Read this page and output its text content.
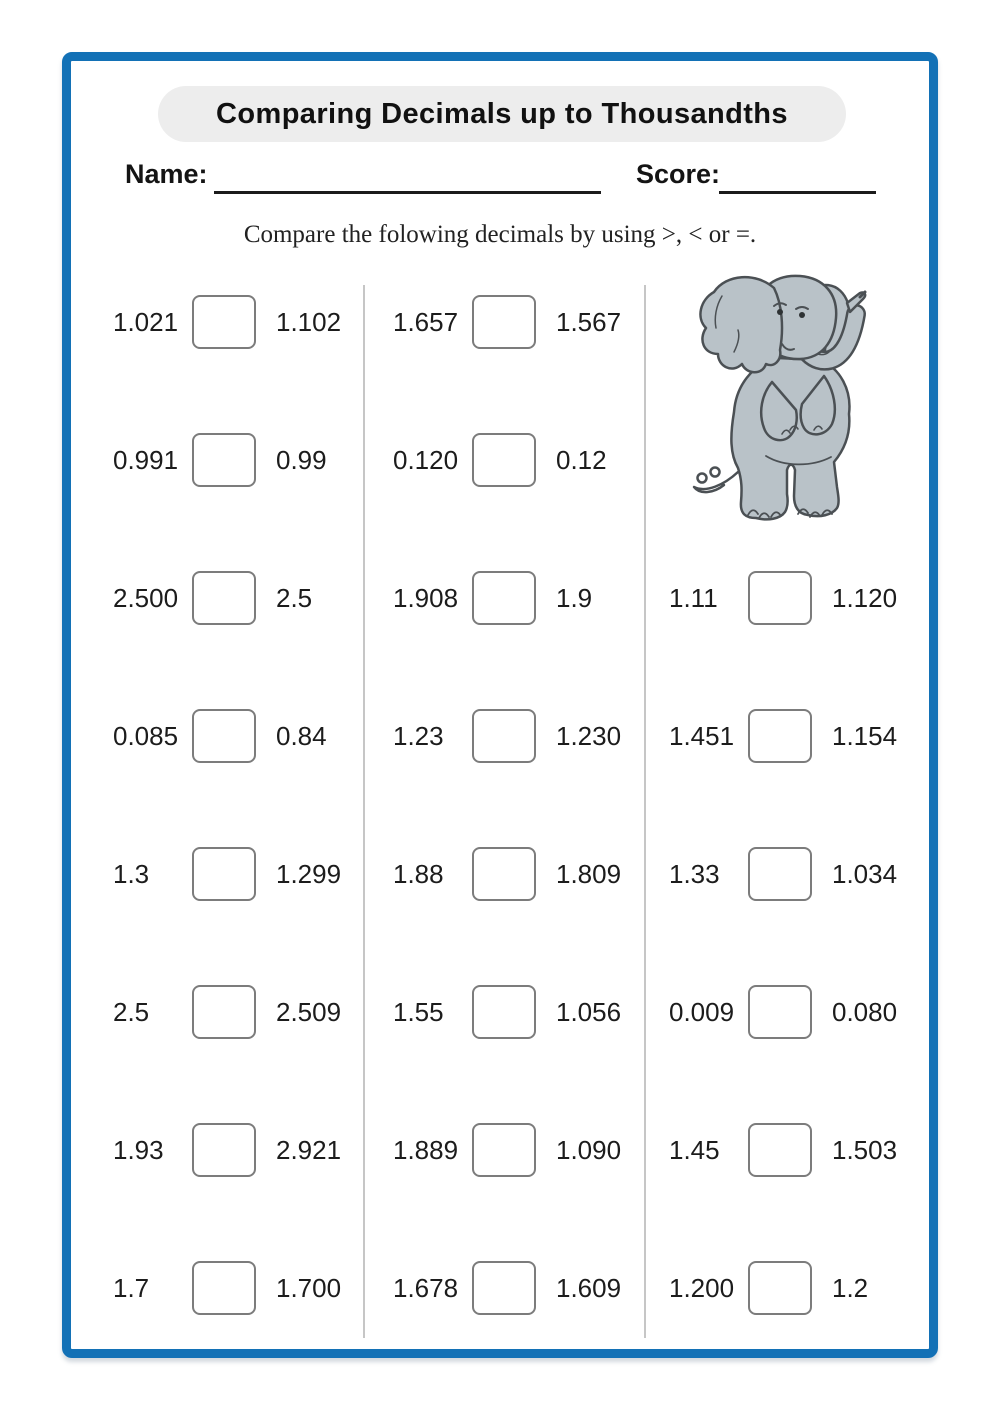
Comparing Decimals up to Thousandths
Name:	Score:
Compare the folowing decimals by using >, < or =.
1.021	1.102
0.991	0.99
2.500	2.5
0.085	0.84
1.3	1.299
2.5	2.509
1.93	2.921
1.7	1.700
1.657	1.567
0.120	0.12
1.908	1.9
1.23	1.230
1.88	1.809
1.55	1.056
1.889	1.090
1.678	1.609
1.11	1.120
1.451	1.154
1.33	1.034
0.009	0.080
1.45	1.503
1.200	1.2
